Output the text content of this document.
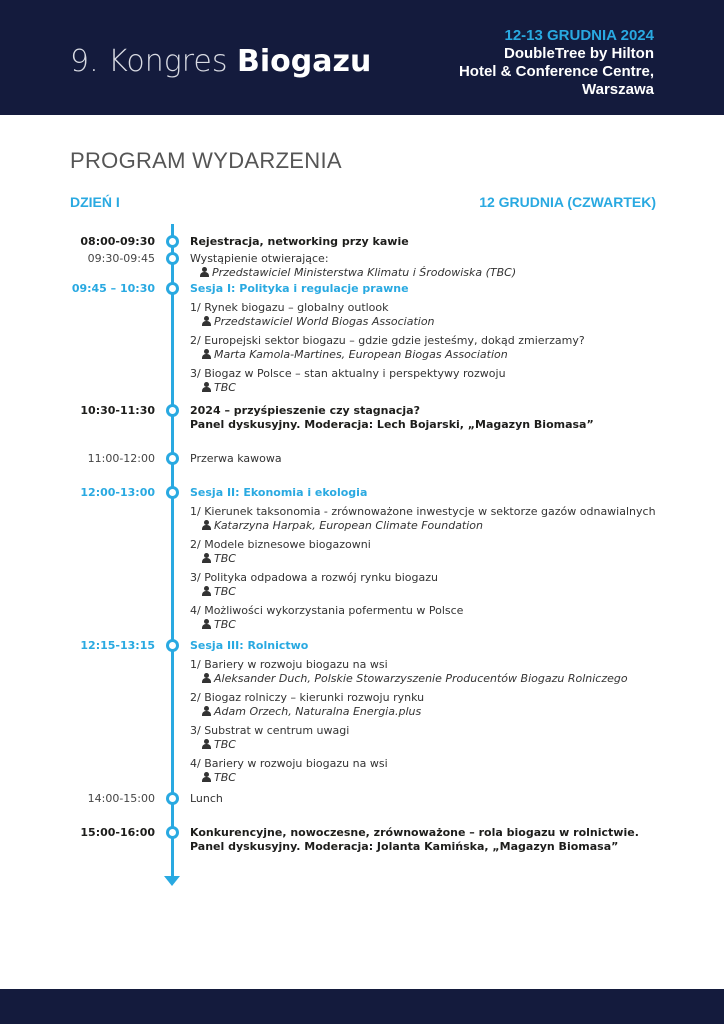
9. Kongres Biogazu
12-13 GRUDNIA 2024
DoubleTree by Hilton
Hotel & Conference Centre,
Warszawa
PROGRAM WYDARZENIA
DZIEŃ I	12 GRUDNIA (CZWARTEK)
08:00-09:30	Rejestracja, networking przy kawie
09:30-09:45	Wystąpienie otwierające:
Przedstawiciel Ministerstwa Klimatu i Środowiska (TBC)
09:45 – 10:30	Sesja I: Polityka i regulacje prawne
1/ Rynek biogazu – globalny outlook
Przedstawiciel World Biogas Association
2/ Europejski sektor biogazu – gdzie gdzie jesteśmy, dokąd zmierzamy?
Marta Kamola-Martines, European Biogas Association
3/ Biogaz w Polsce – stan aktualny i perspektywy rozwoju
TBC
10:30-11:30	2024 – przyśpieszenie czy stagnacja?
Panel dyskusyjny. Moderacja: Lech Bojarski, „Magazyn Biomasa”
11:00-12:00	Przerwa kawowa
12:00-13:00	Sesja II: Ekonomia i ekologia
1/ Kierunek taksonomia - zrównoważone inwestycje w sektorze gazów odnawialnych
Katarzyna Harpak, European Climate Foundation
2/ Modele biznesowe biogazowni
TBC
3/ Polityka odpadowa a rozwój rynku biogazu
TBC
4/ Możliwości wykorzystania pofermentu w Polsce
TBC
12:15-13:15	Sesja III: Rolnictwo
1/ Bariery w rozwoju biogazu na wsi
Aleksander Duch, Polskie Stowarzyszenie Producentów Biogazu Rolniczego
2/ Biogaz rolniczy – kierunki rozwoju rynku
Adam Orzech, Naturalna Energia.plus
3/ Substrat w centrum uwagi
TBC
4/ Bariery w rozwoju biogazu na wsi
TBC
14:00-15:00	Lunch
15:00-16:00	Konkurencyjne, nowoczesne, zrównoważone – rola biogazu w rolnictwie.
Panel dyskusyjny. Moderacja: Jolanta Kamińska, „Magazyn Biomasa”
